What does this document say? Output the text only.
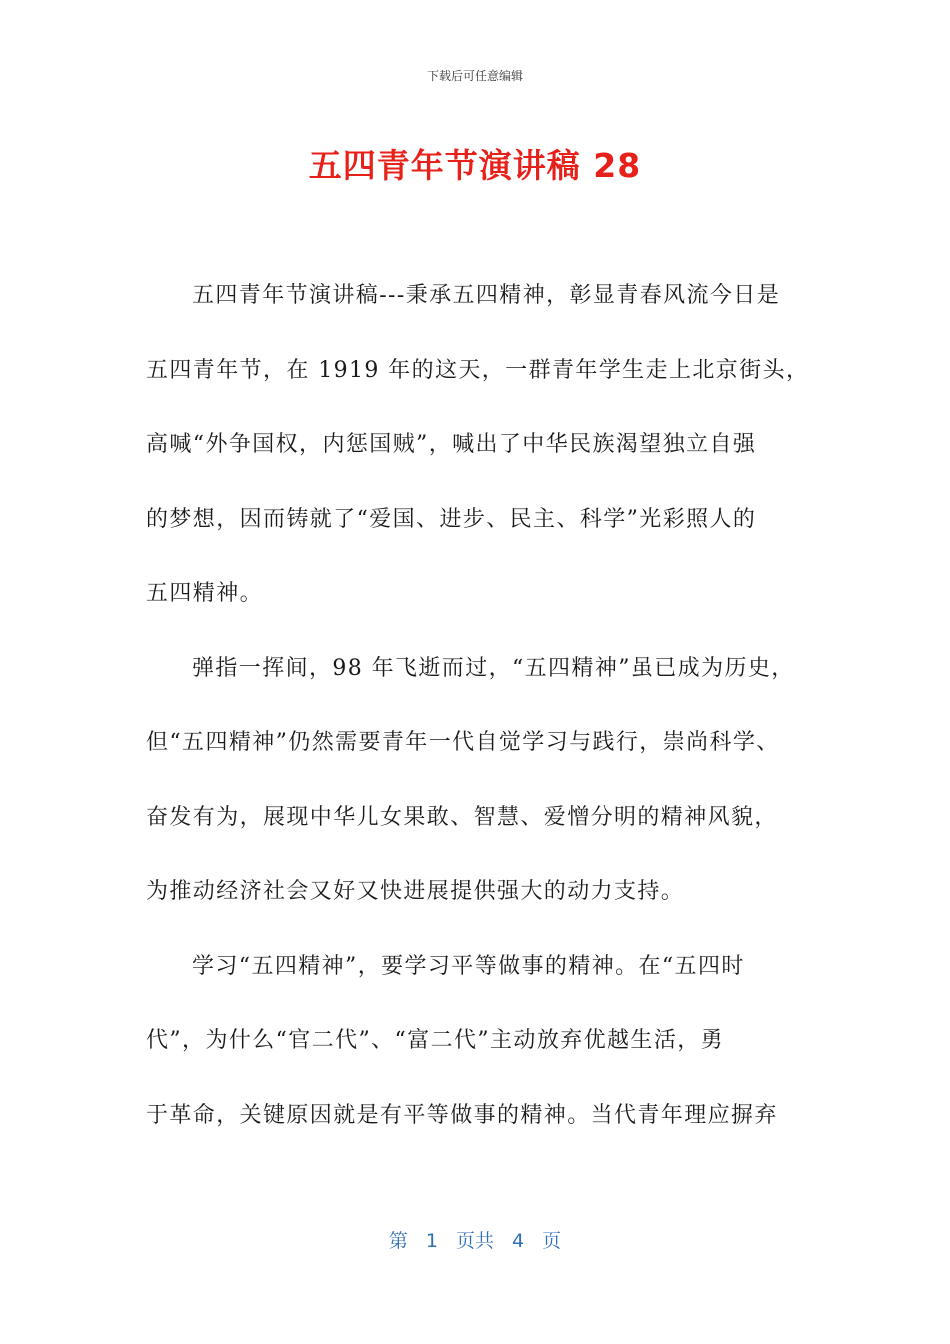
下载后可任意编辑
五四青年节演讲稿 28
五四青年节演讲稿---秉承五四精神，彰显青春风流今日是
五四青年节，在 1919 年的这天，一群青年学生走上北京街头，
高喊“外争国权，内惩国贼”，喊出了中华民族渴望独立自强
的梦想，因而铸就了“爱国、进步、民主、科学”光彩照人的
五四精神。
弹指一挥间，98 年飞逝而过，“五四精神”虽已成为历史，
但“五四精神”仍然需要青年一代自觉学习与践行，崇尚科学、
奋发有为，展现中华儿女果敢、智慧、爱憎分明的精神风貌，
为推动经济社会又好又快进展提供强大的动力支持。
学习“五四精神”，要学习平等做事的精神。在“五四时
代”，为什么“官二代”、“富二代”主动放弃优越生活，勇
于革命，关键原因就是有平等做事的精神。当代青年理应摒弃
第 1 页共 4 页
